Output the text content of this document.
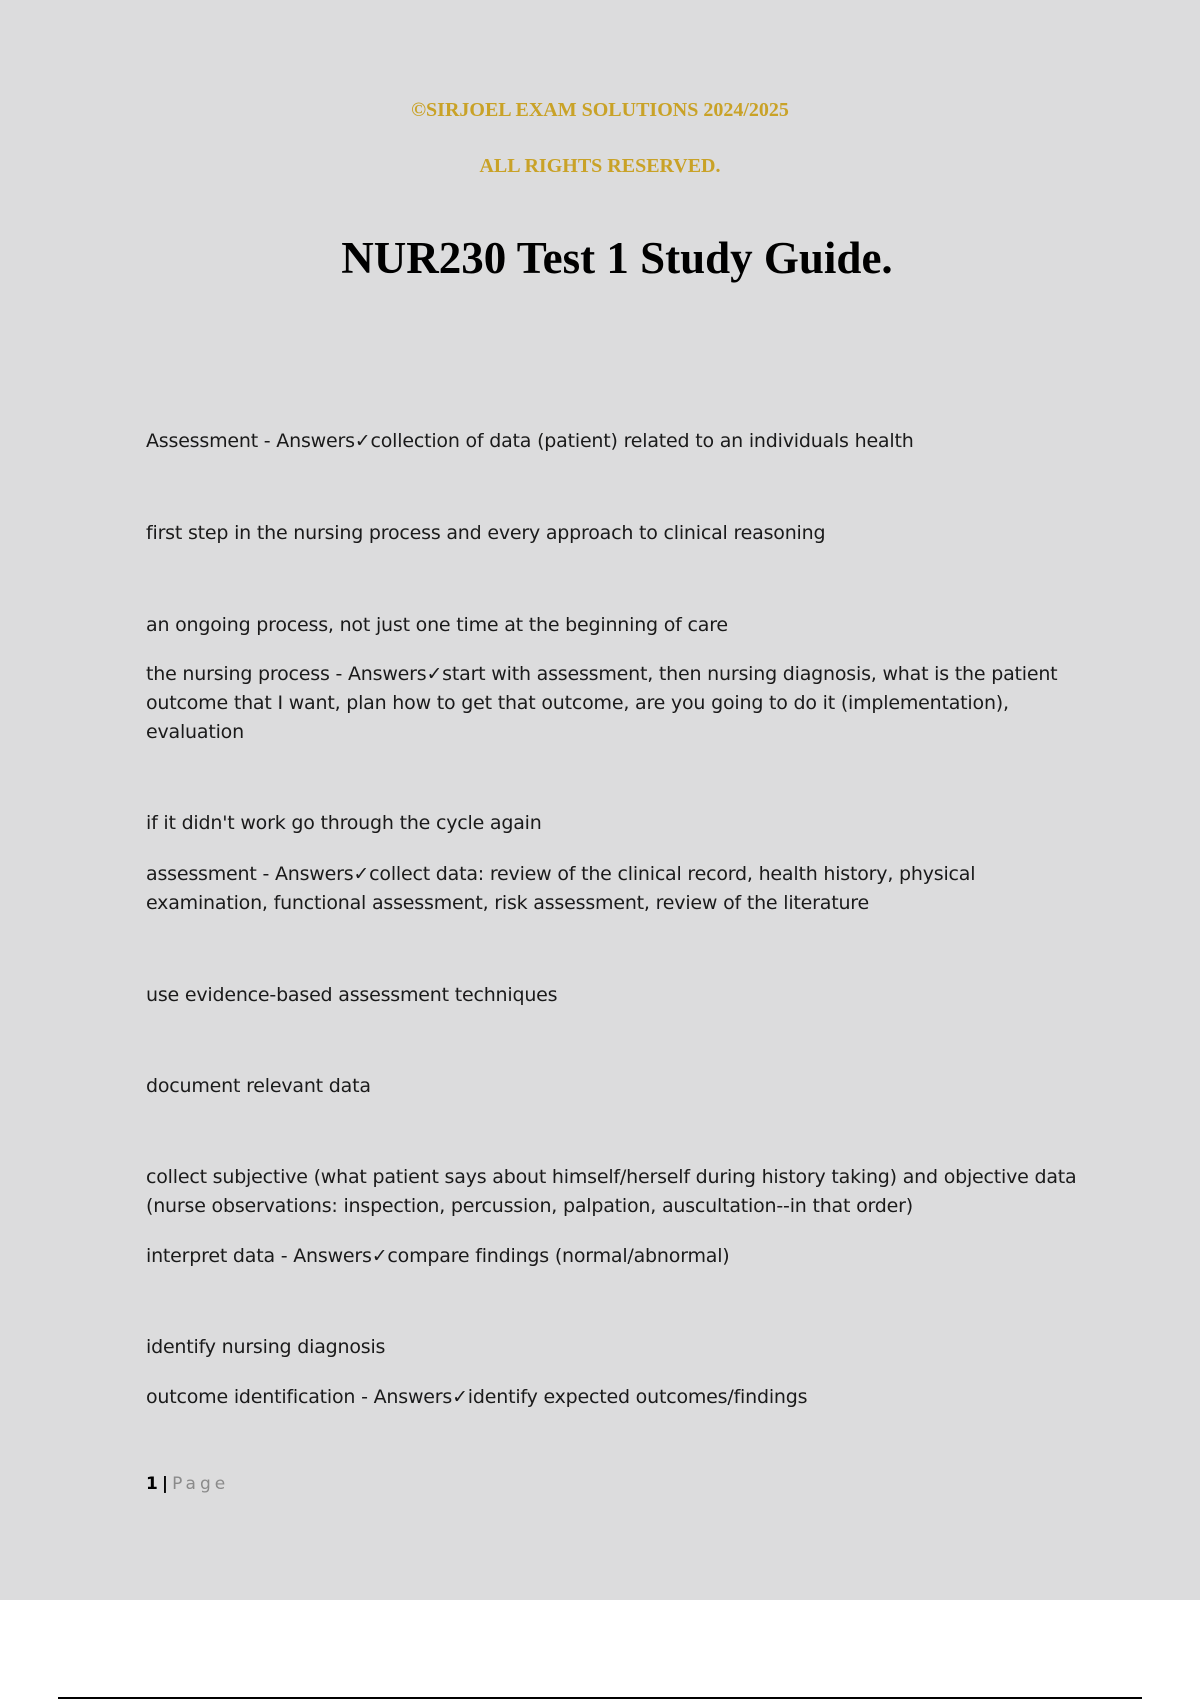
©SIRJOEL EXAM SOLUTIONS 2024/2025
ALL RIGHTS RESERVED.
NUR230 Test 1 Study Guide.

Assessment - Answers✓collection of data (patient) related to an individuals health

first step in the nursing process and every approach to clinical reasoning

an ongoing process, not just one time at the beginning of care

the nursing process - Answers✓start with assessment, then nursing diagnosis, what is the patient outcome that I want, plan how to get that outcome, are you going to do it (implementation), evaluation

if it didn't work go through the cycle again

assessment - Answers✓collect data: review of the clinical record, health history, physical examination, functional assessment, risk assessment, review of the literature

use evidence-based assessment techniques

document relevant data

collect subjective (what patient says about himself/herself during history taking) and objective data (nurse observations: inspection, percussion, palpation, auscultation--in that order)

interpret data - Answers✓compare findings (normal/abnormal)

identify nursing diagnosis

outcome identification - Answers✓identify expected outcomes/findings

1 | Page
